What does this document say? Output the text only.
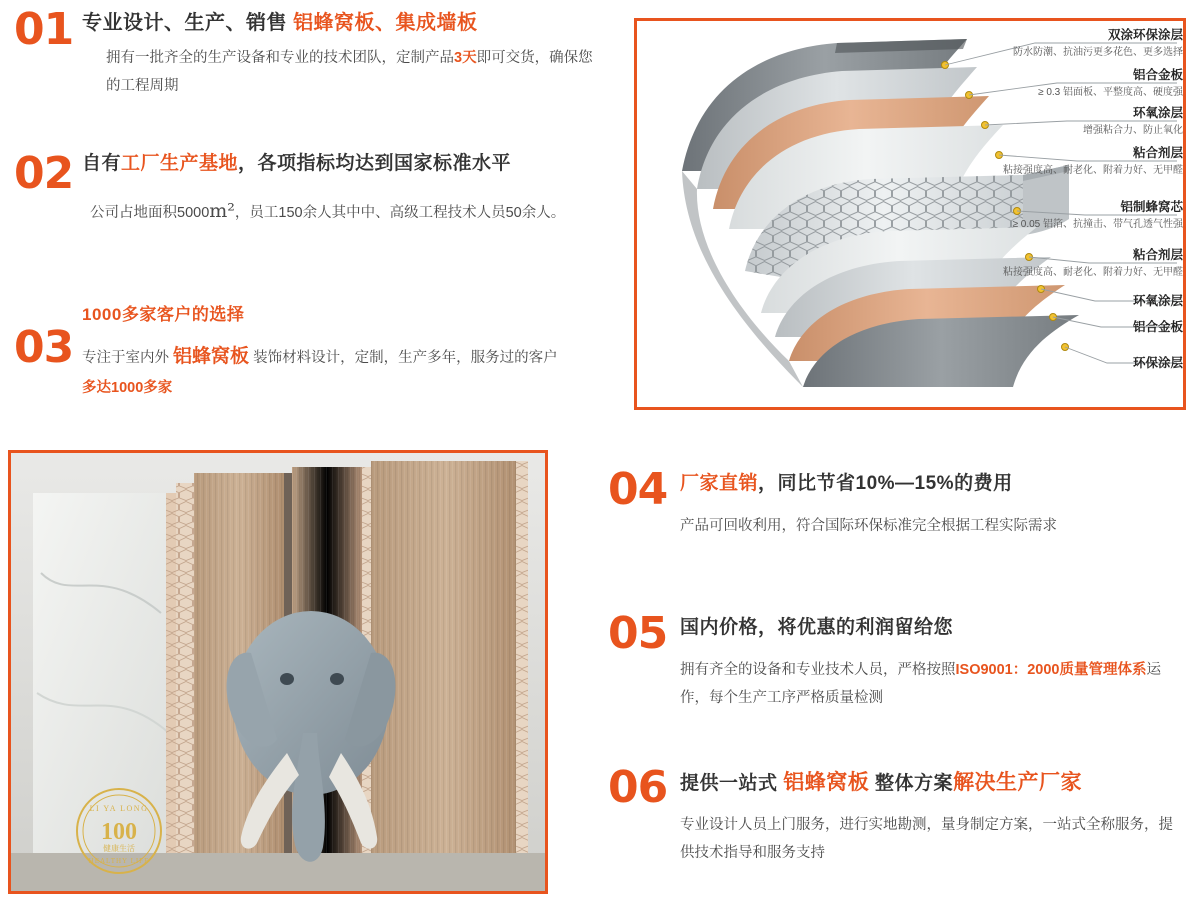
01 专业设计、生产、销售 铝蜂窝板、集成墙板
拥有一批齐全的生产设备和专业的技术团队，定制产品3天即可交货，确保您的工程周期
02 自有工厂生产基地，各项指标均达到国家标准水平
公司占地面积5000m²，员工150余人其中中、高级工程技术人员50余人。
03
1000多家客户的选择
专注于室内外 铝蜂窝板 装饰材料设计，定制，生产多年，服务过的客户
多达1000多家
04 厂家直销，同比节省10%—15%的费用
产品可回收利用，符合国际环保标准完全根据工程实际需求
05 国内价格，将优惠的利润留给您
拥有齐全的设备和专业技术人员，严格按照ISO9001：2000质量管理体系运作，每个生产工序严格质量检测
06 提供一站式 铝蜂窝板 整体方案解决生产厂家
专业设计人员上门服务，进行实地勘测，量身制定方案，一站式全称服务，提供技术指导和服务支持
双涂环保涂层
防水防潮、抗油污更多花色、更多选择
铝合金板
≥ 0.3 铝面板、平整度高、硬度强
环氧涂层
增强粘合力、防止氧化
粘合剂层
粘接强度高、耐老化、附着力好、无甲醛
铝制蜂窝芯
≥ 0.05 铝箔、抗撞击、带气孔透气性强
粘合剂层
粘接强度高、耐老化、附着力好、无甲醛
环氧涂层
铝合金板
环保涂层
LI YA LONG
100
健康生活
HEALTHY LIFE
